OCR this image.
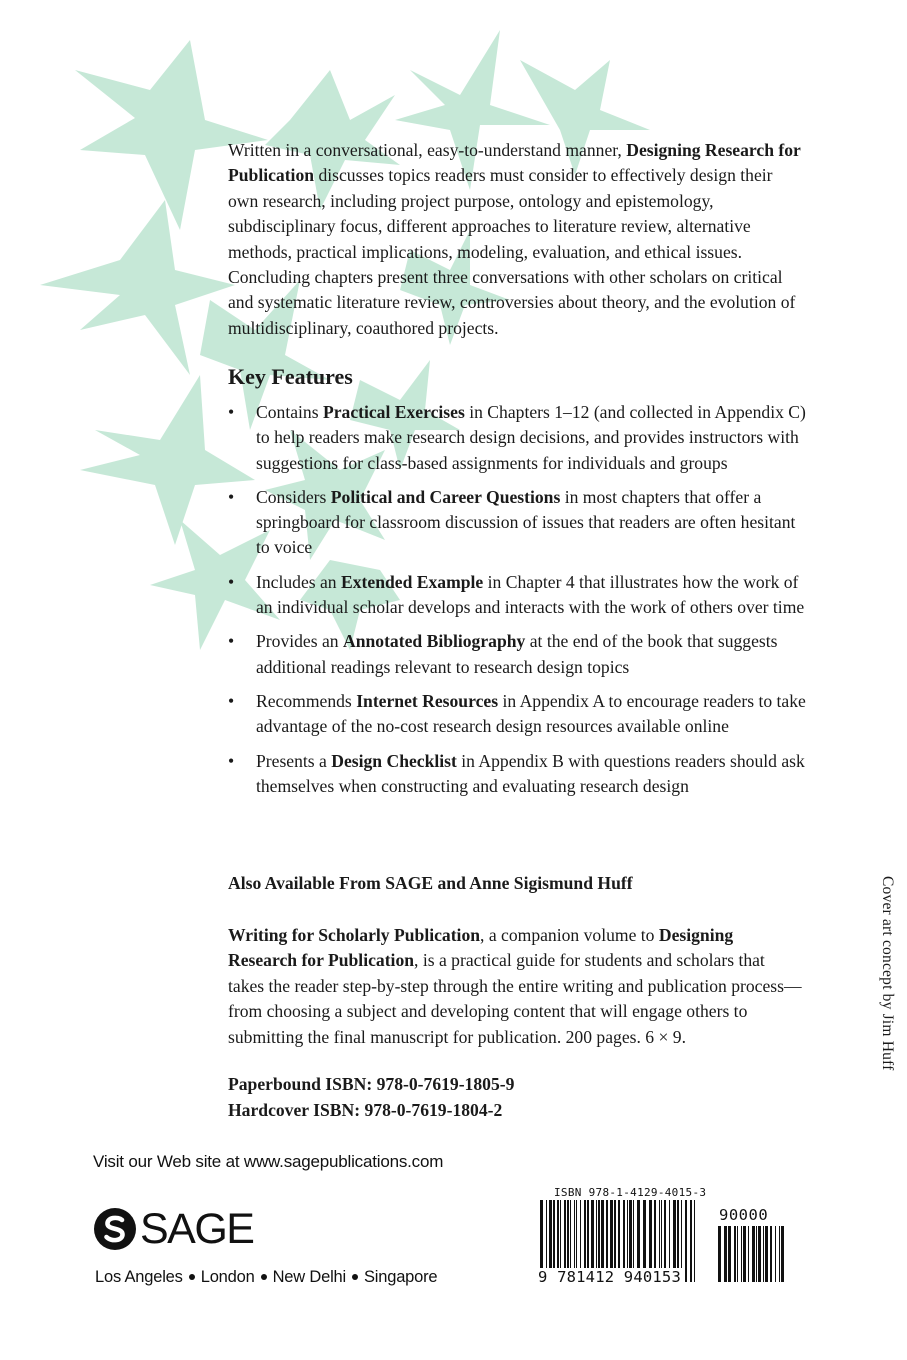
Written in a conversational, easy-to-understand manner, Designing Research for Publication discusses topics readers must consider to effectively design their own research, including project purpose, ontology and epistemology, subdisciplinary focus, different approaches to literature review, alternative methods, practical implications, modeling, evaluation, and ethical issues. Concluding chapters present three conversations with other scholars on critical and systematic literature review, controversies about theory, and the evolution of multidisciplinary, coauthored projects.
Key Features
• Contains Practical Exercises in Chapters 1–12 (and collected in Appendix C) to help readers make research design decisions, and provides instructors with suggestions for class-based assignments for individuals and groups
• Considers Political and Career Questions in most chapters that offer a springboard for classroom discussion of issues that readers are often hesitant to voice
• Includes an Extended Example in Chapter 4 that illustrates how the work of an individual scholar develops and interacts with the work of others over time
• Provides an Annotated Bibliography at the end of the book that suggests additional readings relevant to research design topics
• Recommends Internet Resources in Appendix A to encourage readers to take advantage of the no-cost research design resources available online
• Presents a Design Checklist in Appendix B with questions readers should ask themselves when constructing and evaluating research design
Also Available From SAGE and Anne Sigismund Huff
Writing for Scholarly Publication, a companion volume to Designing Research for Publication, is a practical guide for students and scholars that takes the reader step-by-step through the entire writing and publication process—from choosing a subject and developing content that will engage others to submitting the final manuscript for publication. 200 pages. 6 × 9.
Paperbound ISBN: 978-0-7619-1805-9
Hardcover ISBN: 978-0-7619-1804-2
Cover art concept by Jim Huff
Visit our Web site at www.sagepublications.com
SAGE
Los Angeles London New Delhi Singapore
ISBN 978-1-4129-4015-3
90000
9 781412 940153
